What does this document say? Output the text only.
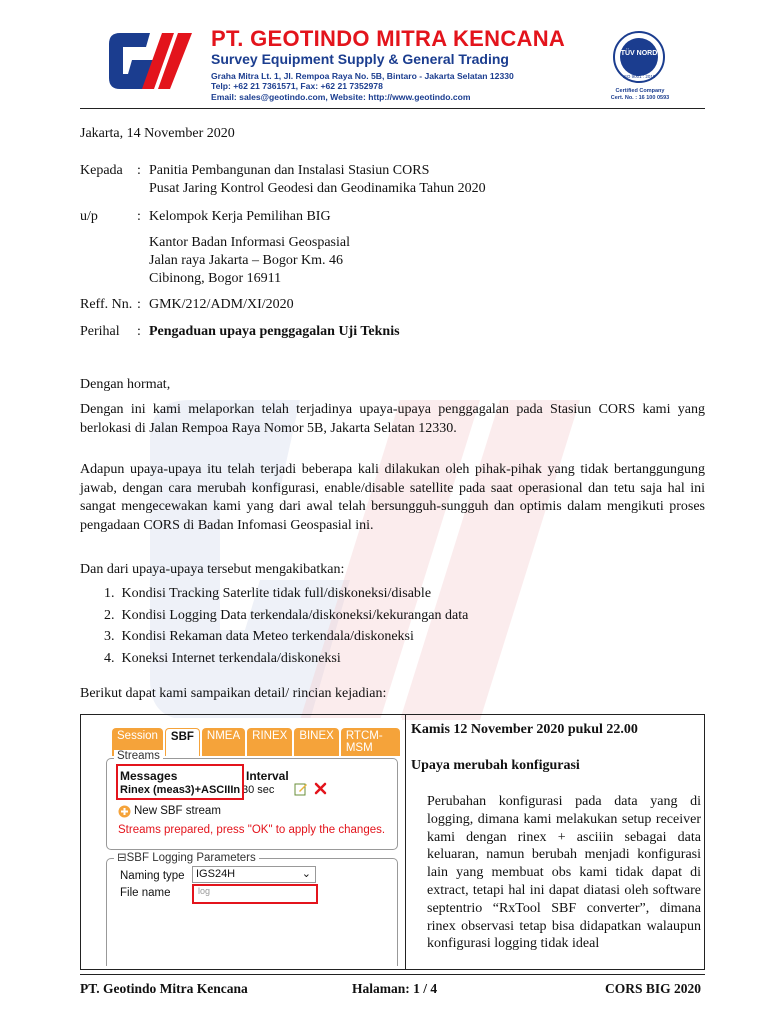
PT. GEOTINDO MITRA KENCANA
Survey Equipment Supply & General Trading
Graha Mitra Lt. 1, Jl. Rempoa Raya No. 5B, Bintaro - Jakarta Selatan 12330
Telp: +62 21 7361571, Fax: +62 21 7352978
Email: sales@geotindo.com, Website: http://www.geotindo.com
TÜV NORD
ISO 9001 : 2015
Certified Company
Cert. No. : 16 100 0593
Jakarta, 14 November 2020
Kepada : Panitia Pembangunan dan Instalasi Stasiun CORS
Pusat Jaring Kontrol Geodesi dan Geodinamika Tahun 2020
u/p	: Kelompok Kerja Pemilihan BIG
Kantor Badan Informasi Geospasial
Jalan raya Jakarta – Bogor Km. 46
Cibinong, Bogor 16911
Reff. Nn. : GMK/212/ADM/XI/2020
Perihal : Pengaduan upaya penggagalan Uji Teknis
Dengan hormat,
Dengan ini kami melaporkan telah terjadinya upaya-upaya penggagalan pada Stasiun CORS kami yang berlokasi di Jalan Rempoa Raya Nomor 5B, Jakarta Selatan 12330.
Adapun upaya-upaya itu telah terjadi beberapa kali dilakukan oleh pihak-pihak yang tidak bertanggungung jawab, dengan cara merubah konfigurasi, enable/disable satellite pada saat operasional dan tetu saja hal ini sangat mengecewakan kami yang dari awal telah bersungguh-sungguh dan optimis dalam mengikuti proses pengadaan CORS di Badan Infomasi Geospasial ini.
Dan dari upaya-upaya tersebut mengakibatkan:
1.  Kondisi Tracking Saterlite tidak full/diskoneksi/disable
2.  Kondisi Logging Data terkendala/diskoneksi/kekurangan data
3.  Kondisi Rekaman data Meteo terkendala/diskoneksi
4.  Koneksi Internet terkendala/diskoneksi
Berikut dapat kami sampaikan detail/ rincian kejadian:
Session	SBF	NMEA	RINEX	BINEX	RTCM-MSM
Streams
Messages	Interval
30 sec
Rinex (meas3)+ASCIIIn
New SBF stream
Streams prepared, press "OK" to apply the changes.
⊟SBF Logging Parameters
Naming type	IGS24H	⌄
File name	log
Kamis 12 November 2020 pukul 22.00
Upaya merubah konfigurasi
Perubahan konfigurasi pada data yang di logging, dimana kami melakukan setup receiver kami dengan rinex + asciiin sebagai data keluaran, namun berubah menjadi konfigurasi lain yang membuat obs kami tidak dapat di extract, tetapi hal ini dapat diatasi oleh software septentrio “RxTool SBF converter”, dimana rinex observasi tetap bisa didapatkan walaupun konfigurasi logging tidak ideal
PT. Geotindo Mitra Kencana	Halaman: 1 / 4	CORS BIG 2020
